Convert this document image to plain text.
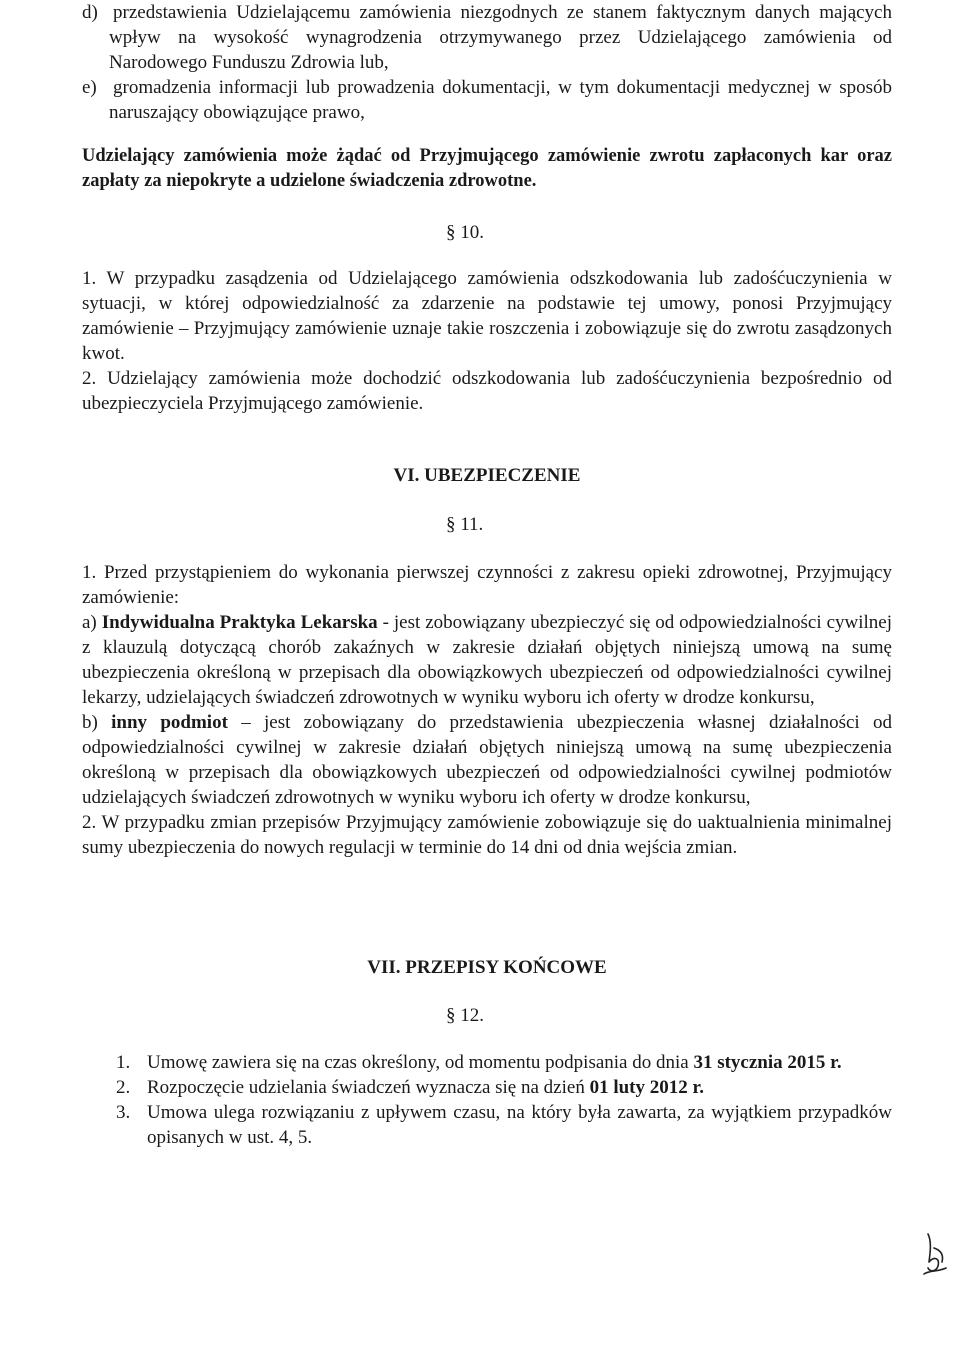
d) przedstawienia Udzielającemu zamówienia niezgodnych ze stanem faktycznym danych mających wpływ na wysokość wynagrodzenia otrzymywanego przez Udzielającego zamówienia od Narodowego Funduszu Zdrowia lub,

e) gromadzenia informacji lub prowadzenia dokumentacji, w tym dokumentacji medycznej w sposób naruszający obowiązujące prawo,

Udzielający zamówienia może żądać od Przyjmującego zamówienie zwrotu zapłaconych kar oraz zapłaty za niepokryte a udzielone świadczenia zdrowotne.

§ 10.

1. W przypadku zasądzenia od Udzielającego zamówienia odszkodowania lub zadośćuczynienia w sytuacji, w której odpowiedzialność za zdarzenie na podstawie tej umowy, ponosi Przyjmujący zamówienie – Przyjmujący zamówienie uznaje takie roszczenia i zobowiązuje się do zwrotu zasądzonych kwot.

2. Udzielający zamówienia może dochodzić odszkodowania lub zadośćuczynienia bezpośrednio od ubezpieczyciela Przyjmującego zamówienie.

VI. UBEZPIECZENIE
§ 11.

1. Przed przystąpieniem do wykonania pierwszej czynności z zakresu opieki zdrowotnej, Przyjmujący zamówienie:

a) Indywidualna Praktyka Lekarska - jest zobowiązany ubezpieczyć się od odpowiedzialności cywilnej z klauzulą dotyczącą chorób zakaźnych w zakresie działań objętych niniejszą umową na sumę ubezpieczenia określoną w przepisach dla obowiązkowych ubezpieczeń od odpowiedzialności cywilnej lekarzy, udzielających świadczeń zdrowotnych w wyniku wyboru ich oferty w drodze konkursu,

b) inny podmiot – jest zobowiązany do przedstawienia ubezpieczenia własnej działalności od odpowiedzialności cywilnej w zakresie działań objętych niniejszą umową na sumę ubezpieczenia określoną w przepisach dla obowiązkowych ubezpieczeń od odpowiedzialności cywilnej podmiotów udzielających świadczeń zdrowotnych w wyniku wyboru ich oferty w drodze konkursu,

2. W przypadku zmian przepisów Przyjmujący zamówienie zobowiązuje się do uaktualnienia minimalnej sumy ubezpieczenia do nowych regulacji w terminie do 14 dni od dnia wejścia zmian.

VII. PRZEPISY KOŃCOWE
§ 12.

1. Umowę zawiera się na czas określony, od momentu podpisania do dnia 31 stycznia 2015 r.

2. Rozpoczęcie udzielania świadczeń wyznacza się na dzień 01 luty 2012 r.

3. Umowa ulega rozwiązaniu z upływem czasu, na który była zawarta, za wyjątkiem przypadków opisanych w ust. 4, 5.
